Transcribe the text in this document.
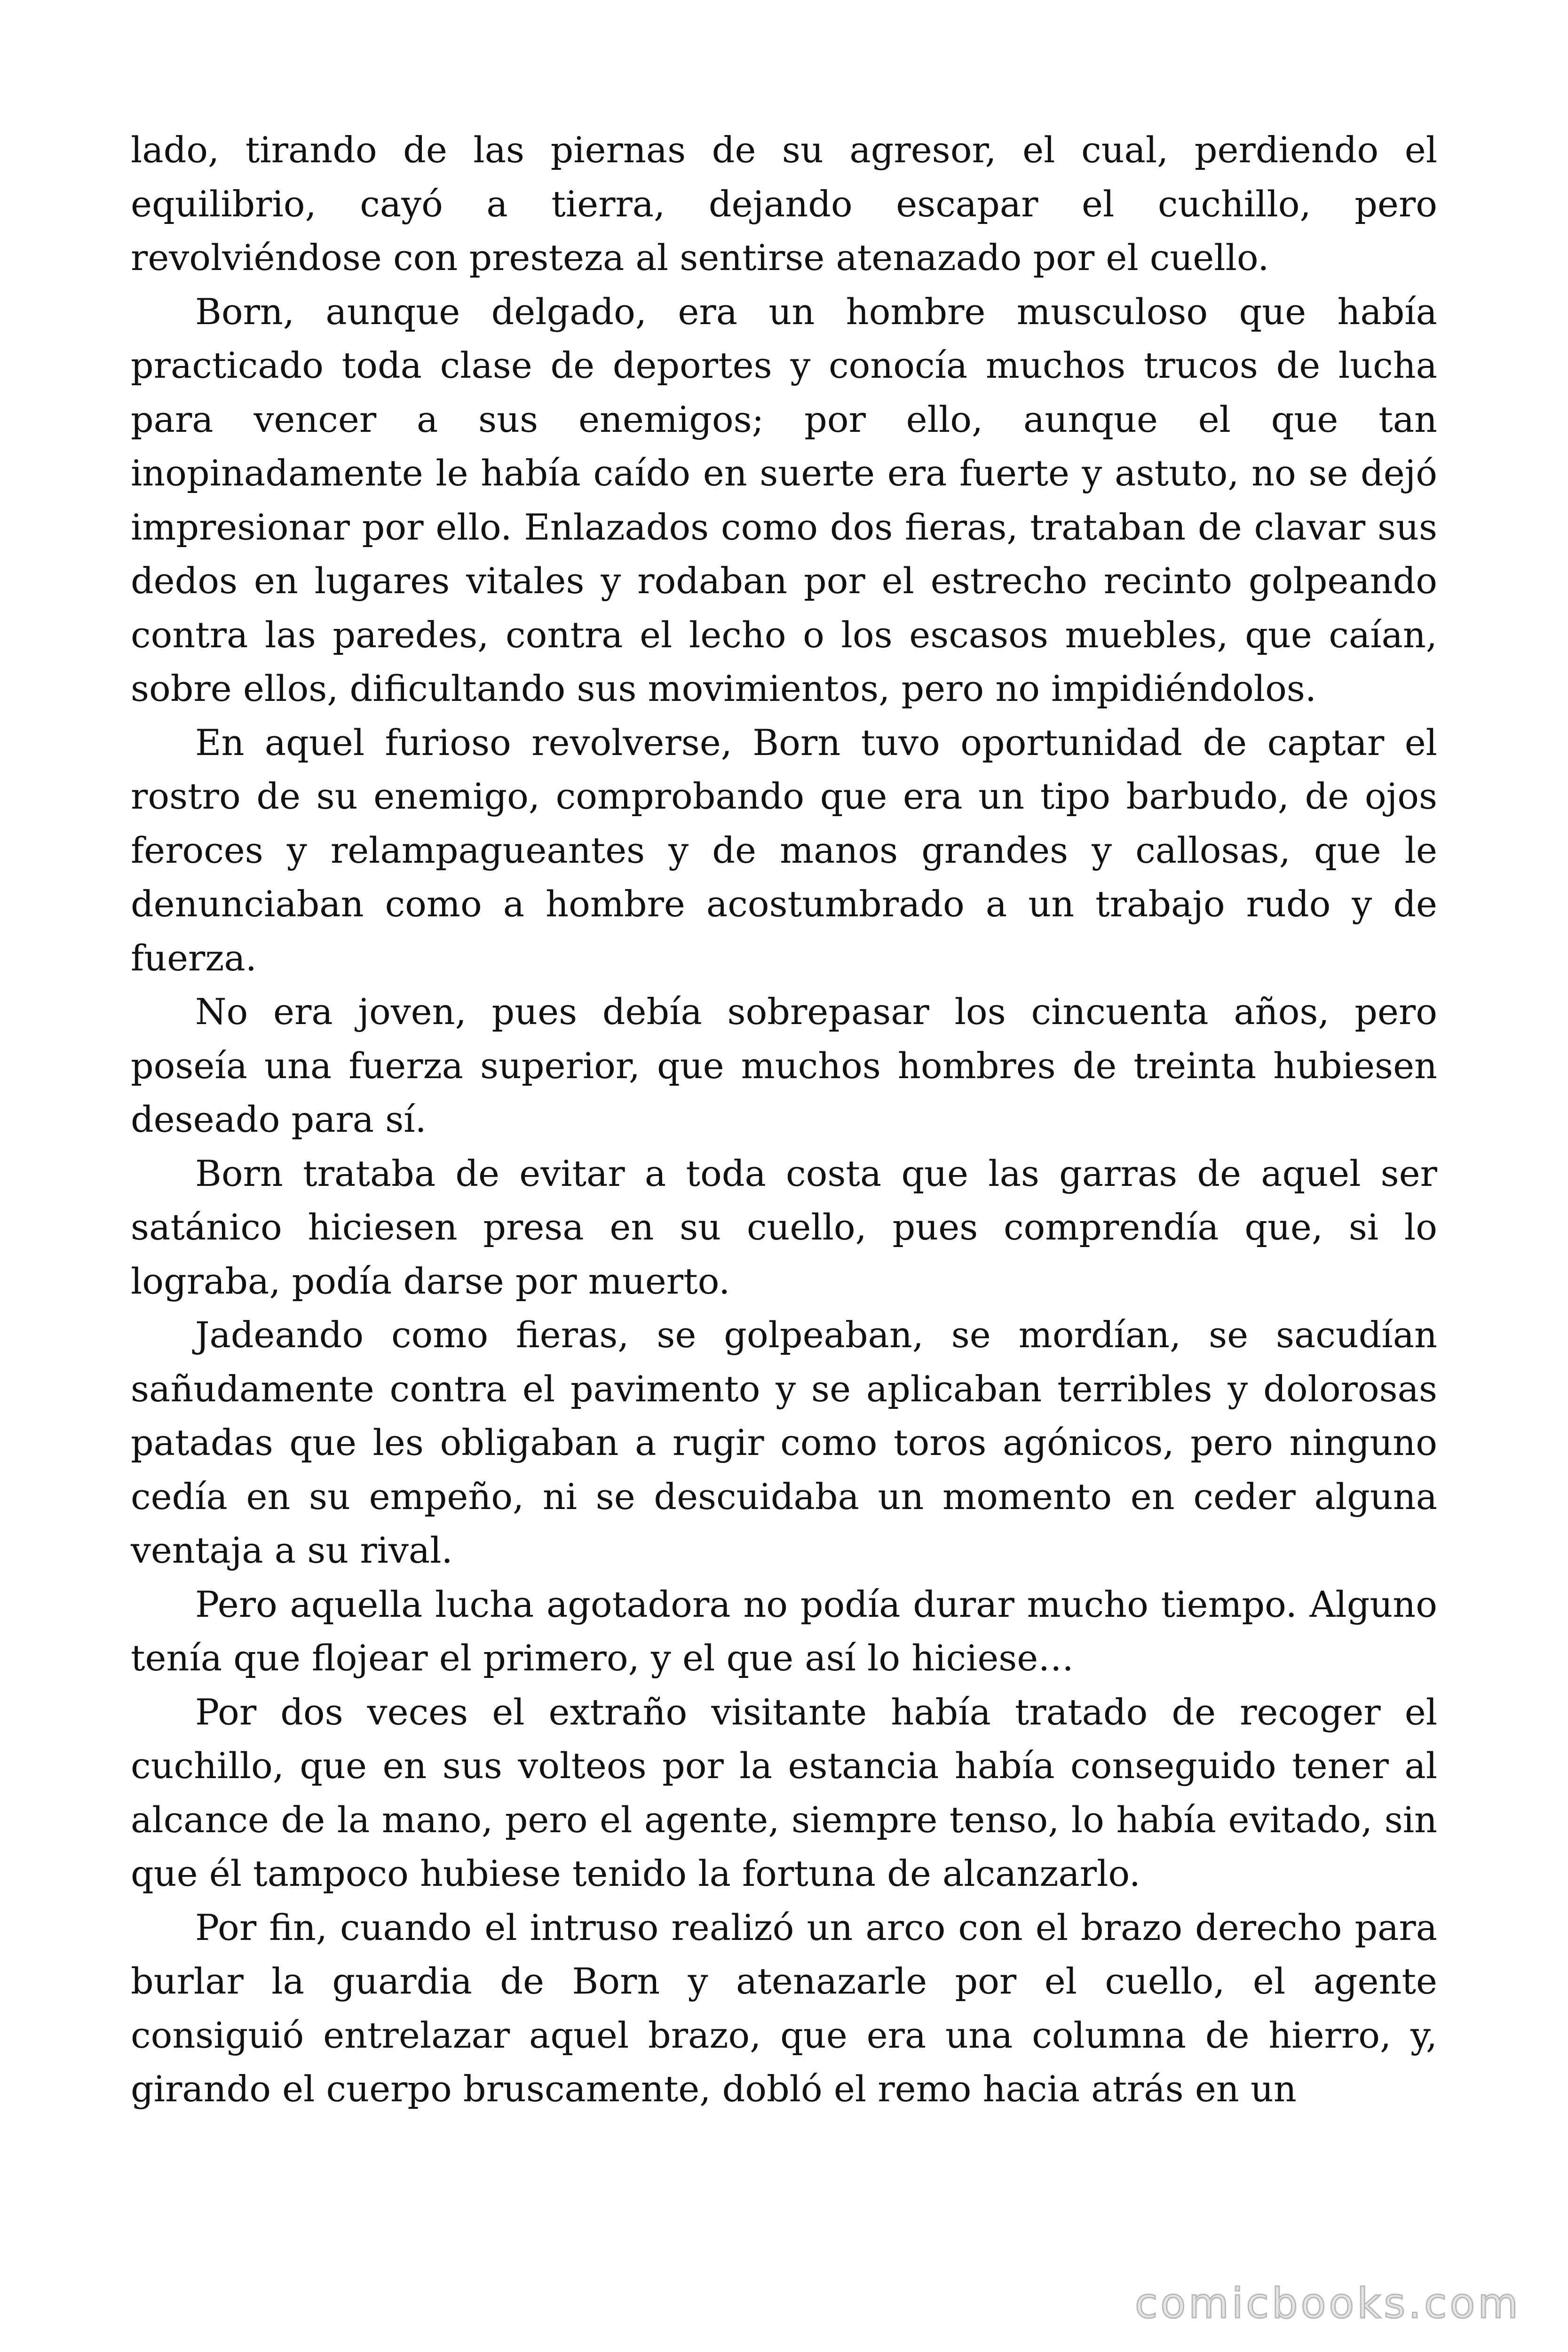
lado, tirando de las piernas de su agresor, el cual, perdiendo el equilibrio, cayó a tierra, dejando escapar el cuchillo, pero revolviéndose con presteza al sentirse atenazado por el cuello.

Born, aunque delgado, era un hombre musculoso que había practicado toda clase de deportes y conocía muchos trucos de lucha para vencer a sus enemigos; por ello, aunque el que tan inopinadamente le había caído en suerte era fuerte y astuto, no se dejó impresionar por ello. Enlazados como dos fieras, trataban de clavar sus dedos en lugares vitales y rodaban por el estrecho recinto golpeando contra las paredes, contra el lecho o los escasos muebles, que caían, sobre ellos, dificultando sus movimientos, pero no impidiéndolos.

En aquel furioso revolverse, Born tuvo oportunidad de captar el rostro de su enemigo, comprobando que era un tipo barbudo, de ojos feroces y relampagueantes y de manos grandes y callosas, que le denunciaban como a hombre acostumbrado a un trabajo rudo y de fuerza.

No era joven, pues debía sobrepasar los cincuenta años, pero poseía una fuerza superior, que muchos hombres de treinta hubiesen deseado para sí.

Born trataba de evitar a toda costa que las garras de aquel ser satánico hiciesen presa en su cuello, pues comprendía que, si lo lograba, podía darse por muerto.

Jadeando como fieras, se golpeaban, se mordían, se sacudían sañudamente contra el pavimento y se aplicaban terribles y dolorosas patadas que les obligaban a rugir como toros agónicos, pero ninguno cedía en su empeño, ni se descuidaba un momento en ceder alguna ventaja a su rival.

Pero aquella lucha agotadora no podía durar mucho tiempo. Alguno tenía que flojear el primero, y el que así lo hiciese…

Por dos veces el extraño visitante había tratado de recoger el cuchillo, que en sus volteos por la estancia había conseguido tener al alcance de la mano, pero el agente, siempre tenso, lo había evitado, sin que él tampoco hubiese tenido la fortuna de alcanzarlo.

Por fin, cuando el intruso realizó un arco con el brazo derecho para burlar la guardia de Born y atenazarle por el cuello, el agente consiguió entrelazar aquel brazo, que era una columna de hierro, y, girando el cuerpo bruscamente, dobló el remo hacia atrás en un

comicbooks.com
